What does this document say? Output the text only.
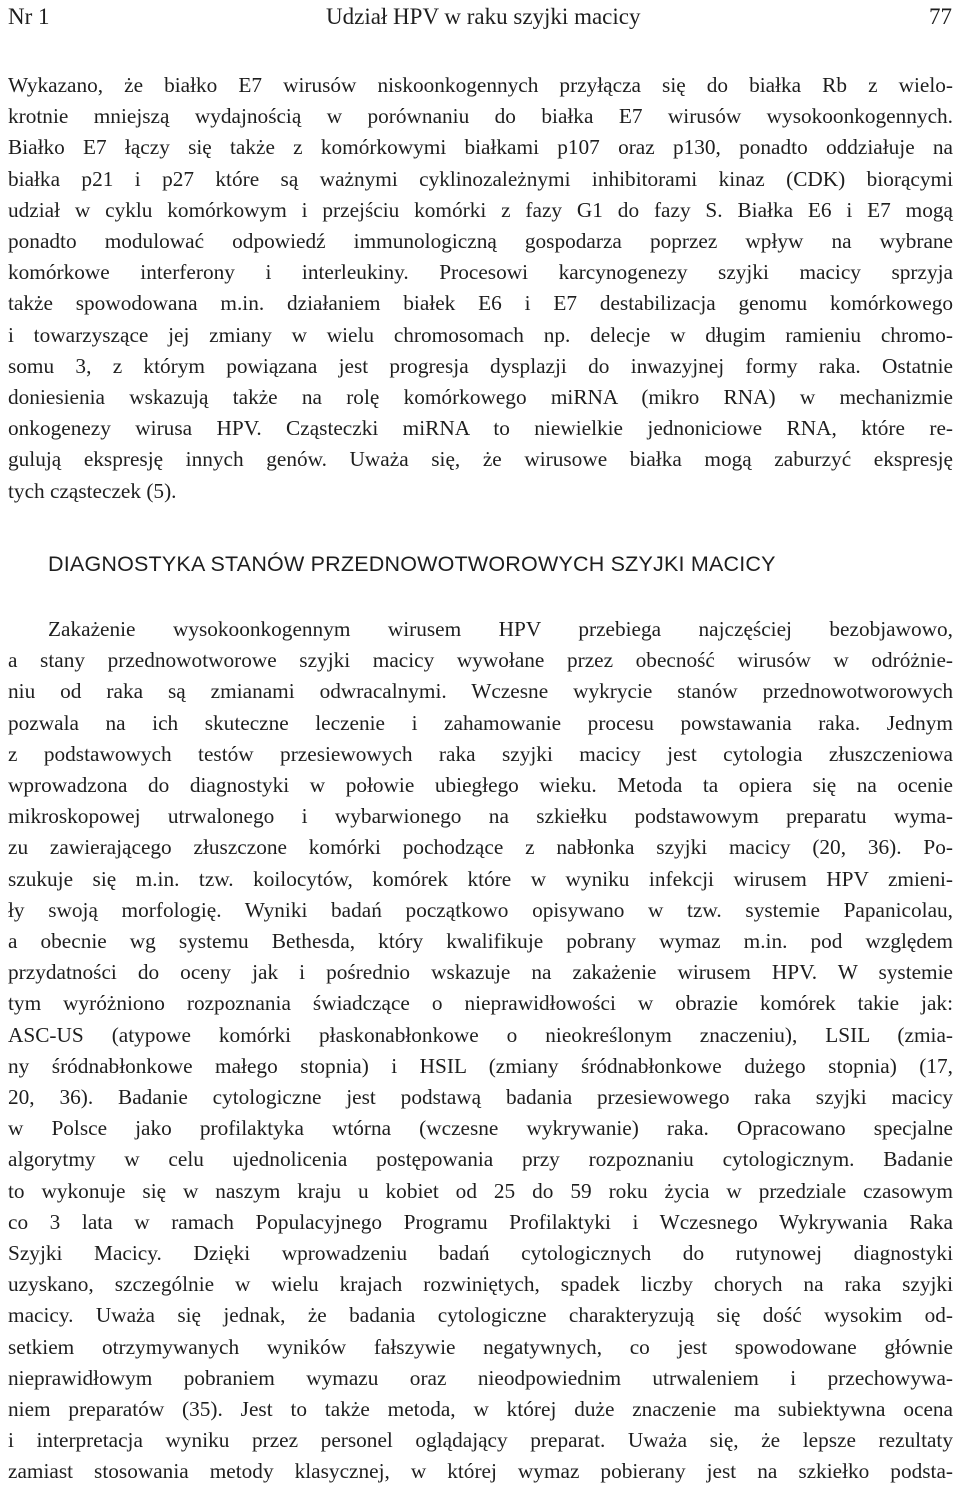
Nr 1	Udział HPV w raku szyjki macicy	77
Wykazano, że białko E7 wirusów niskoonkogennych przyłącza się do białka Rb z wielo-
krotnie mniejszą wydajnością w porównaniu do białka E7 wirusów wysokoonkogennych.
Białko E7 łączy się także z komórkowymi białkami p107 oraz p130, ponadto oddziałuje na
białka p21 i p27 które są ważnymi cyklinozależnymi inhibitorami kinaz (CDK) biorącymi
udział w cyklu komórkowym i przejściu komórki z fazy G1 do fazy S. Białka E6 i E7 mogą
ponadto modulować odpowiedź immunologiczną gospodarza poprzez wpływ na wybrane
komórkowe interferony i interleukiny. Procesowi karcynogenezy szyjki macicy sprzyja
także spowodowana m.in. działaniem białek E6 i E7 destabilizacja genomu komórkowego
i towarzyszące jej zmiany w wielu chromosomach np. delecje w długim ramieniu chromo-
somu 3, z którym powiązana jest progresja dysplazji do inwazyjnej formy raka. Ostatnie
doniesienia wskazują także na rolę komórkowego miRNA (mikro RNA) w mechanizmie
onkogenezy wirusa HPV. Cząsteczki miRNA to niewielkie jednoniciowe RNA, które re-
gulują ekspresję innych genów. Uważa się, że wirusowe białka mogą zaburzyć ekspresję
tych cząsteczek (5).
DIAGNOSTYKA STANÓW PRZEDNOWOTWOROWYCH SZYJKI MACICY
Zakażenie wysokoonkogennym wirusem HPV przebiega najczęściej bezobjawowo,
a stany przednowotworowe szyjki macicy wywołane przez obecność wirusów w odróżnie-
niu od raka są zmianami odwracalnymi. Wczesne wykrycie stanów przednowotworowych
pozwala na ich skuteczne leczenie i zahamowanie procesu powstawania raka. Jednym
z podstawowych testów przesiewowych raka szyjki macicy jest cytologia złuszczeniowa
wprowadzona do diagnostyki w połowie ubiegłego wieku. Metoda ta opiera się na ocenie
mikroskopowej utrwalonego i wybarwionego na szkiełku podstawowym preparatu wyma-
zu zawierającego złuszczone komórki pochodzące z nabłonka szyjki macicy (20, 36). Po-
szukuje się m.in. tzw. koilocytów, komórek które w wyniku infekcji wirusem HPV zmieni-
ły swoją morfologię. Wyniki badań początkowo opisywano w tzw. systemie Papanicolau,
a obecnie wg systemu Bethesda, który kwalifikuje pobrany wymaz m.in. pod względem
przydatności do oceny jak i pośrednio wskazuje na zakażenie wirusem HPV. W systemie
tym wyróżniono rozpoznania świadczące o nieprawidłowości w obrazie komórek takie jak:
ASC-US (atypowe komórki płaskonabłonkowe o nieokreślonym znaczeniu), LSIL (zmia-
ny śródnabłonkowe małego stopnia) i HSIL (zmiany śródnabłonkowe dużego stopnia) (17,
20, 36). Badanie cytologiczne jest podstawą badania przesiewowego raka szyjki macicy
w Polsce jako profilaktyka wtórna (wczesne wykrywanie) raka. Opracowano specjalne
algorytmy w celu ujednolicenia postępowania przy rozpoznaniu cytologicznym. Badanie
to wykonuje się w naszym kraju u kobiet od 25 do 59 roku życia w przedziale czasowym
co 3 lata w ramach Populacyjnego Programu Profilaktyki i Wczesnego Wykrywania Raka
Szyjki Macicy. Dzięki wprowadzeniu badań cytologicznych do rutynowej diagnostyki
uzyskano, szczególnie w wielu krajach rozwiniętych, spadek liczby chorych na raka szyjki
macicy. Uważa się jednak, że badania cytologiczne charakteryzują się dość wysokim od-
setkiem otrzymywanych wyników fałszywie negatywnych, co jest spowodowane głównie
nieprawidłowym pobraniem wymazu oraz nieodpowiednim utrwaleniem i przechowywa-
niem preparatów (35). Jest to także metoda, w której duże znaczenie ma subiektywna ocena
i interpretacja wyniku przez personel oglądający preparat. Uważa się, że lepsze rezultaty
zamiast stosowania metody klasycznej, w której wymaz pobierany jest na szkiełko podsta-
